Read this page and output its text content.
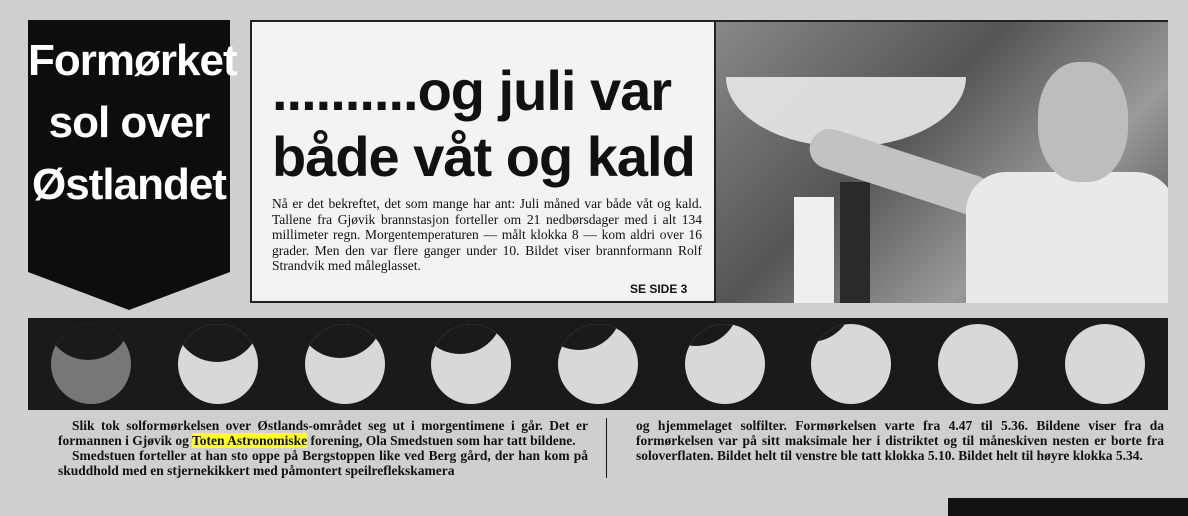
Formørket
sol over
Østlandet
..........og juli var
både våt og kald
Nå er det bekreftet, det som mange har ant: Juli måned var både våt og kald. Tallene fra Gjøvik brannstasjon forteller om 21 nedbørsdager med i alt 134 millimeter regn. Morgentemperaturen — målt klokka 8 — kom aldri over 16 grader. Men den var flere ganger under 10. Bildet viser brannformann Rolf Strandvik med måleglasset.
SE SIDE 3
Slik tok solformørkelsen over Østlands-området seg ut i morgentimene i går. Det er formannen i Gjøvik og Toten Astronomiske forening, Ola Smedstuen som har tatt bildene.
Smedstuen forteller at han sto oppe på Bergstoppen like ved Berg gård, der han kom på skuddhold med en stjernekikkert med påmontert speilreflekskamera
og hjemmelaget solfilter. Formørkelsen varte fra 4.47 til 5.36. Bildene viser fra da formørkelsen var på sitt maksimale her i distriktet og til måneskiven nesten er borte fra soloverflaten. Bildet helt til venstre ble tatt klokka 5.10. Bildet helt til høyre klokka 5.34.
